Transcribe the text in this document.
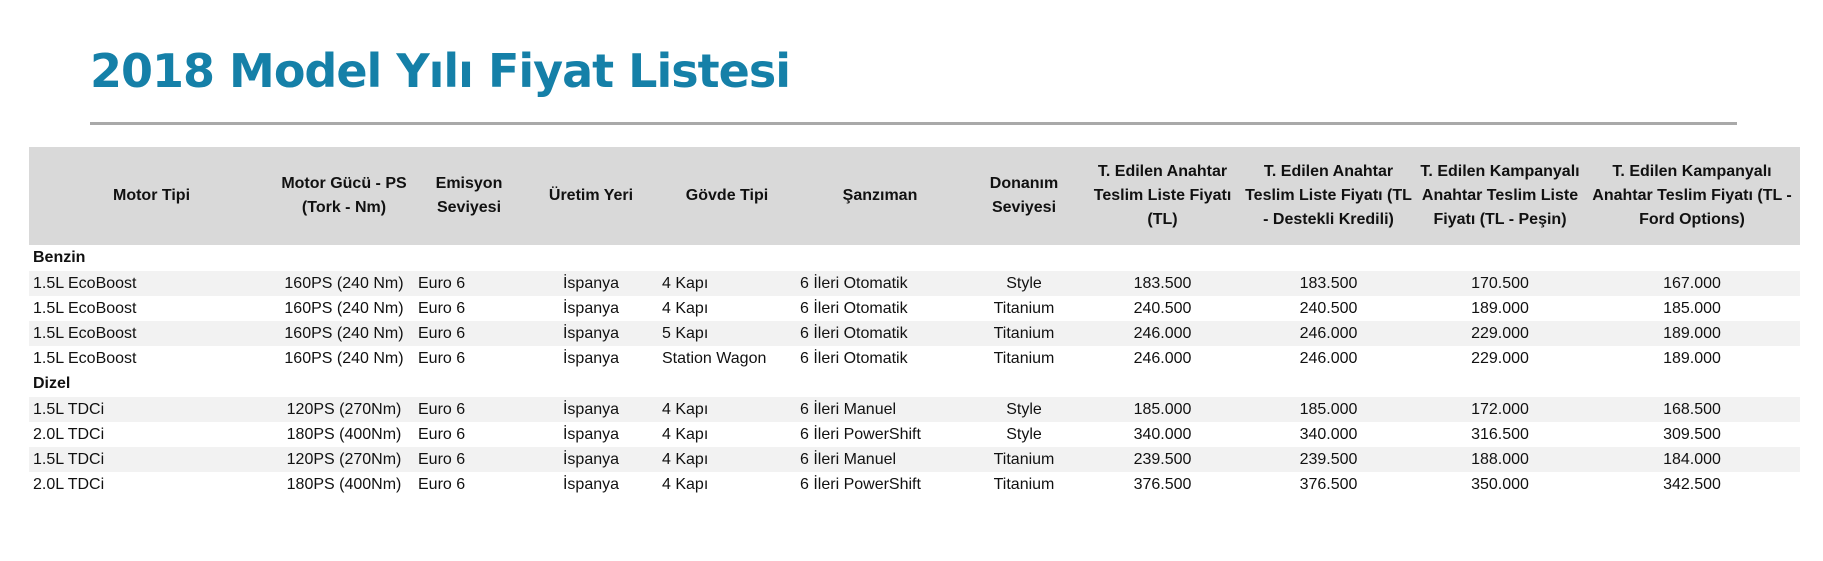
2018 Model Yılı Fiyat Listesi
Motor Tipi	Motor Gücü - PS (Tork - Nm)	Emisyon Seviyesi	Üretim Yeri	Gövde Tipi	Şanzıman	Donanım Seviyesi	T. Edilen Anahtar Teslim Liste Fiyatı (TL)	T. Edilen Anahtar Teslim Liste Fiyatı (TL - Destekli Kredili)	T. Edilen Kampanyalı Anahtar Teslim Liste Fiyatı (TL - Peşin)	T. Edilen Kampanyalı Anahtar Teslim Fiyatı (TL - Ford Options)
Benzin										
1.5L EcoBoost	160PS (240 Nm)	Euro 6	İspanya	4 Kapı	6 İleri Otomatik	Style	183.500	183.500	170.500	167.000
1.5L EcoBoost	160PS (240 Nm)	Euro 6	İspanya	4 Kapı	6 İleri Otomatik	Titanium	240.500	240.500	189.000	185.000
1.5L EcoBoost	160PS (240 Nm)	Euro 6	İspanya	5 Kapı	6 İleri Otomatik	Titanium	246.000	246.000	229.000	189.000
1.5L EcoBoost	160PS (240 Nm)	Euro 6	İspanya	Station Wagon	6 İleri Otomatik	Titanium	246.000	246.000	229.000	189.000
Dizel										
1.5L TDCi	120PS (270Nm)	Euro 6	İspanya	4 Kapı	6 İleri Manuel	Style	185.000	185.000	172.000	168.500
2.0L TDCi	180PS (400Nm)	Euro 6	İspanya	4 Kapı	6 İleri PowerShift	Style	340.000	340.000	316.500	309.500
1.5L TDCi	120PS (270Nm)	Euro 6	İspanya	4 Kapı	6 İleri Manuel	Titanium	239.500	239.500	188.000	184.000
2.0L TDCi	180PS (400Nm)	Euro 6	İspanya	4 Kapı	6 İleri PowerShift	Titanium	376.500	376.500	350.000	342.500
